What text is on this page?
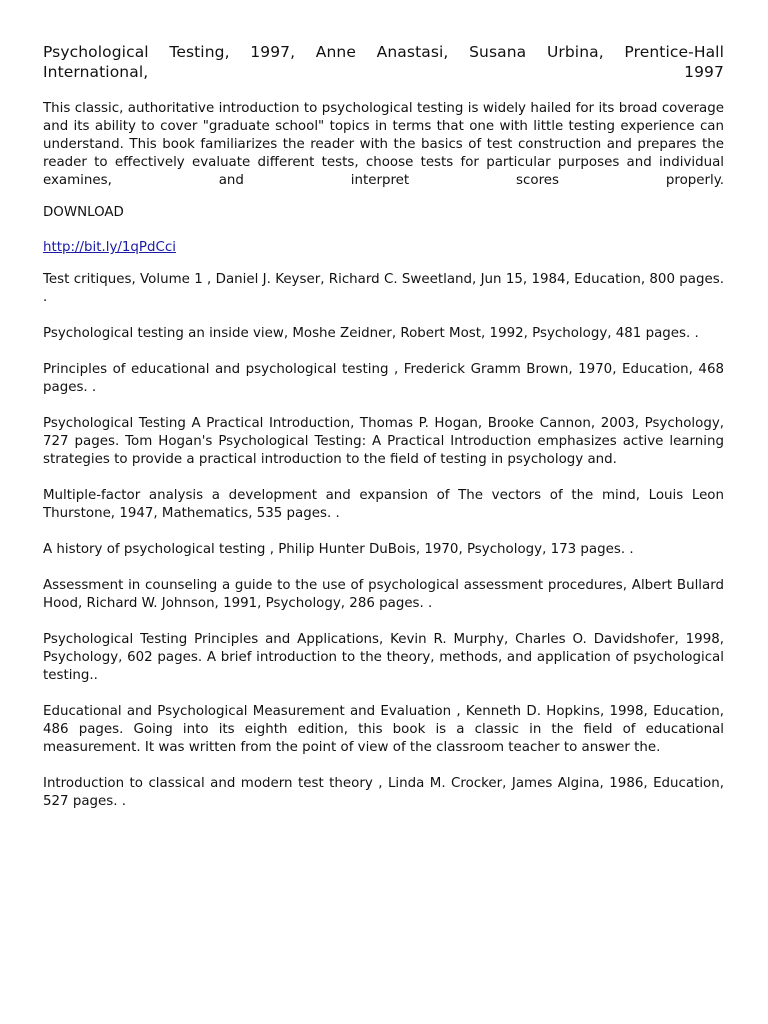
Psychological Testing, 1997, Anne Anastasi, Susana Urbina, Prentice-Hall International, 1997

This classic, authoritative introduction to psychological testing is widely hailed for its broad coverage and its ability to cover "graduate school" topics in terms that one with little testing experience can understand. This book familiarizes the reader with the basics of test construction and prepares the reader to effectively evaluate different tests, choose tests for particular purposes and individual examines, and interpret scores properly.

DOWNLOAD

http://bit.ly/1qPdCci

Test critiques, Volume 1 , Daniel J. Keyser, Richard C. Sweetland, Jun 15, 1984, Education, 800 pages. .

Psychological testing an inside view, Moshe Zeidner, Robert Most, 1992, Psychology, 481 pages. .

Principles of educational and psychological testing , Frederick Gramm Brown, 1970, Education, 468 pages. .

Psychological Testing A Practical Introduction, Thomas P. Hogan, Brooke Cannon, 2003, Psychology, 727 pages. Tom Hogan's Psychological Testing: A Practical Introduction emphasizes active learning strategies to provide a practical introduction to the field of testing in psychology and.

Multiple-factor analysis a development and expansion of The vectors of the mind, Louis Leon Thurstone, 1947, Mathematics, 535 pages. .

A history of psychological testing , Philip Hunter DuBois, 1970, Psychology, 173 pages. .

Assessment in counseling a guide to the use of psychological assessment procedures, Albert Bullard Hood, Richard W. Johnson, 1991, Psychology, 286 pages. .

Psychological Testing Principles and Applications, Kevin R. Murphy, Charles O. Davidshofer, 1998, Psychology, 602 pages. A brief introduction to the theory, methods, and application of psychological testing..

Educational and Psychological Measurement and Evaluation , Kenneth D. Hopkins, 1998, Education, 486 pages. Going into its eighth edition, this book is a classic in the field of educational measurement. It was written from the point of view of the classroom teacher to answer the.

Introduction to classical and modern test theory , Linda M. Crocker, James Algina, 1986, Education, 527 pages. .
